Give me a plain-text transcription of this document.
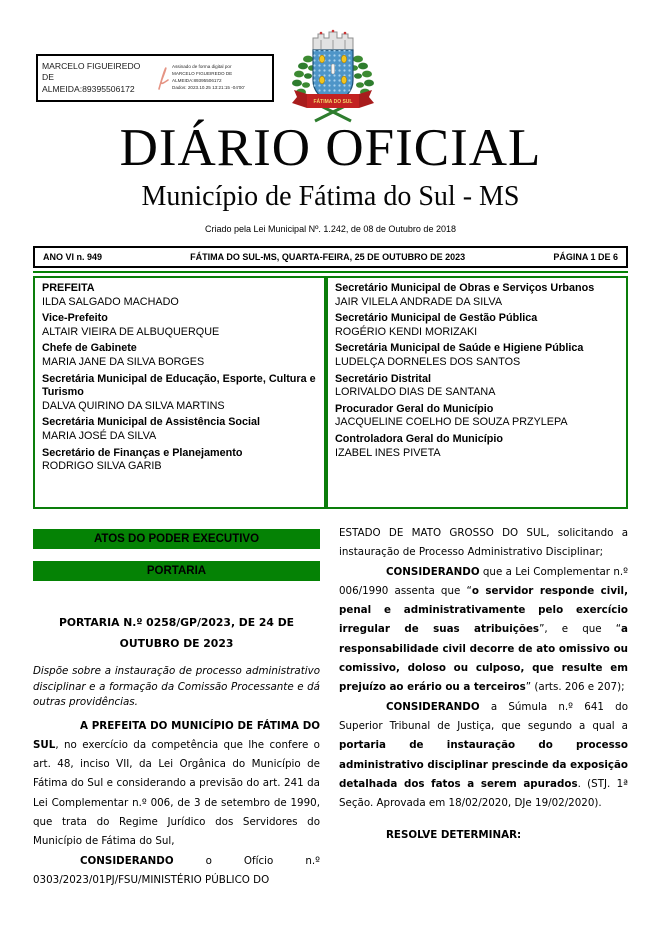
MARCELO FIGUEIREDO DE
ALMEIDA:89395506172
Assinado de forma digital por
MARCELO FIGUEIREDO DE
ALMEIDA:89395506172
Dados: 2023.10.25 13:21:15 -04'00'
FÁTIMA DO SUL
DIÁRIO OFICIAL
Município de Fátima do Sul - MS
Criado pela Lei Municipal Nº. 1.242, de 08 de Outubro de 2018
ANO VI n. 949	FÁTIMA DO SUL-MS, QUARTA-FEIRA, 25 DE OUTUBRO DE 2023	PÁGINA 1 DE 6
PREFEITA
ILDA SALGADO MACHADO
Vice-Prefeito
ALTAIR VIEIRA DE ALBUQUERQUE
Chefe de Gabinete
MARIA JANE DA SILVA BORGES
Secretária Municipal de Educação, Esporte, Cultura e Turismo
DALVA QUIRINO DA SILVA MARTINS
Secretária Municipal de Assistência Social
MARIA JOSÉ DA SILVA
Secretário de Finanças e Planejamento
RODRIGO SILVA GARIB
Secretário Municipal de Obras e Serviços Urbanos
JAIR VILELA ANDRADE DA SILVA
Secretário Municipal de Gestão Pública
ROGÉRIO KENDI MORIZAKI
Secretária Municipal de Saúde e Higiene Pública
LUDELÇA DORNELES DOS SANTOS
Secretário Distrital
LORIVALDO DIAS DE SANTANA
Procurador Geral do Município
JACQUELINE COELHO DE SOUZA PRZYLEPA
Controladora Geral do Município
IZABEL INES PIVETA
ATOS DO PODER EXECUTIVO
PORTARIA
PORTARIA N.º 0258/GP/2023, DE 24 DE OUTUBRO DE 2023
Dispõe sobre a instauração de processo administrativo disciplinar e a formação da Comissão Processante e dá outras providências.

A PREFEITA DO MUNICÍPIO DE FÁTIMA DO SUL, no exercício da competência que lhe confere o art. 48, inciso VII, da Lei Orgânica do Município de Fátima do Sul e considerando a previsão do art. 241 da Lei Complementar n.º 006, de 3 de setembro de 1990, que trata do Regime Jurídico dos Servidores do Município de Fátima do Sul,

CONSIDERANDO o Ofício n.º 0303/2023/01PJ/FSU/MINISTÉRIO PÚBLICO DO

ESTADO DE MATO GROSSO DO SUL, solicitando a instauração de Processo Administrativo Disciplinar;

CONSIDERANDO que a Lei Complementar n.º 006/1990 assenta que “o servidor responde civil, penal e administrativamente pelo exercício irregular de suas atribuições”, e que “a responsabilidade civil decorre de ato omissivo ou comissivo, doloso ou culposo, que resulte em prejuízo ao erário ou a terceiros” (arts. 206 e 207);

CONSIDERANDO a Súmula n.º 641 do Superior Tribunal de Justiça, que segundo a qual a portaria de instauração do processo administrativo disciplinar prescinde da exposição detalhada dos fatos a serem apurados. (STJ. 1ª Seção. Aprovada em 18/02/2020, DJe 19/02/2020).

RESOLVE DETERMINAR:
